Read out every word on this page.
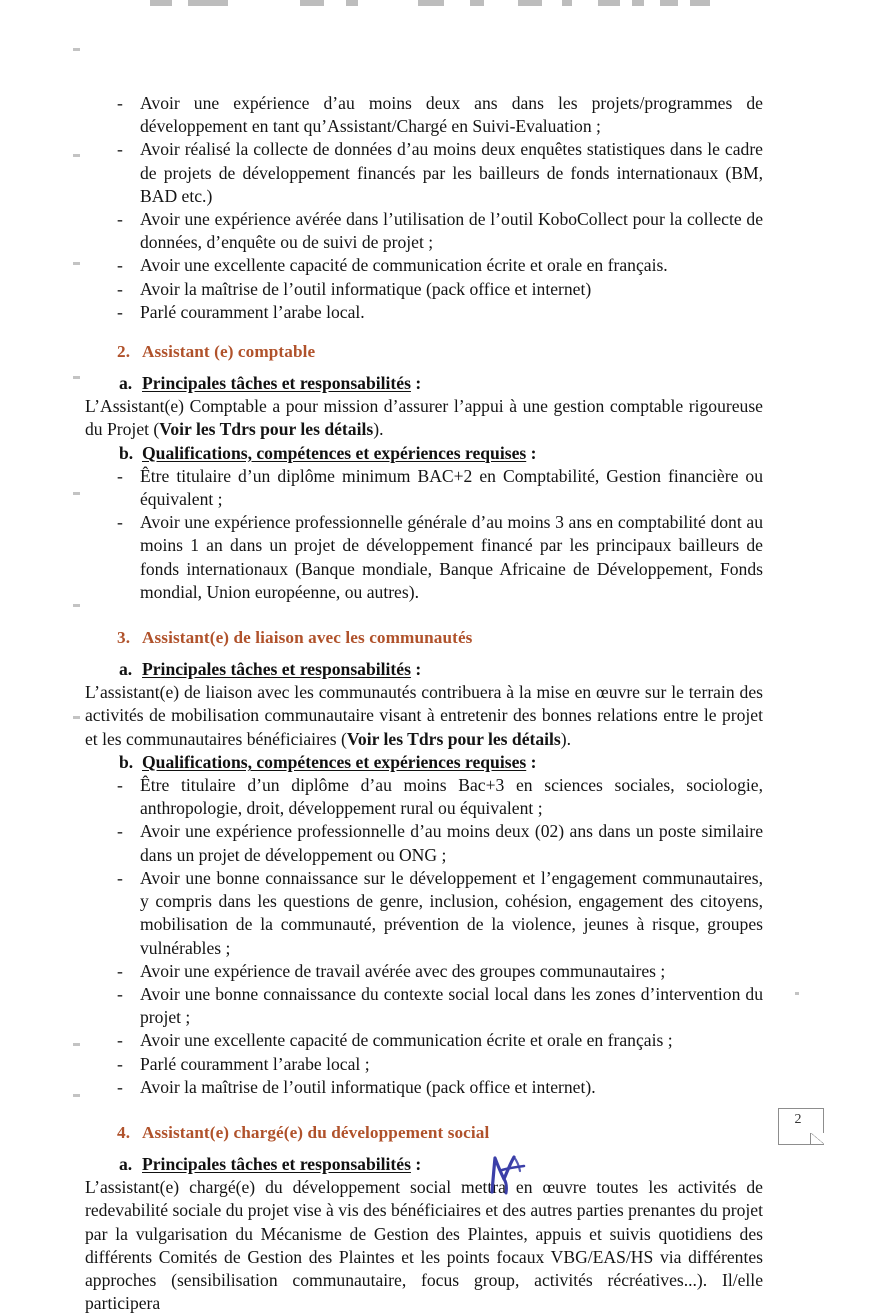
- Avoir une expérience d’au moins deux ans dans les projets/programmes de développement en tant qu’Assistant/Chargé en Suivi-Evaluation ;
- Avoir réalisé la collecte de données d’au moins deux enquêtes statistiques dans le cadre de projets de développement financés par les bailleurs de fonds internationaux (BM, BAD etc.)
- Avoir une expérience avérée dans l’utilisation de l’outil KoboCollect pour la collecte de données, d’enquête ou de suivi de projet ;
- Avoir une excellente capacité de communication écrite et orale en français.
- Avoir la maîtrise de l’outil informatique (pack office et internet)
- Parlé couramment l’arabe local.
2. Assistant (e) comptable
a. Principales tâches et responsabilités :

L’Assistant(e) Comptable a pour mission d’assurer l’appui à une gestion comptable rigoureuse du Projet (Voir les Tdrs pour les détails).

b. Qualifications, compétences et expériences requises :
- Être titulaire d’un diplôme minimum BAC+2 en Comptabilité, Gestion financière ou équivalent ;
- Avoir une expérience professionnelle générale d’au moins 3 ans en comptabilité dont au moins 1 an dans un projet de développement financé par les principaux bailleurs de fonds internationaux (Banque mondiale, Banque Africaine de Développement, Fonds mondial, Union européenne, ou autres).
3. Assistant(e) de liaison avec les communautés
a. Principales tâches et responsabilités :

L’assistant(e) de liaison avec les communautés contribuera à la mise en œuvre sur le terrain des activités de mobilisation communautaire visant à entretenir des bonnes relations entre le projet et les communautaires bénéficiaires (Voir les Tdrs pour les détails).

b. Qualifications, compétences et expériences requises :
- Être titulaire d’un diplôme d’au moins Bac+3 en sciences sociales, sociologie, anthropologie, droit, développement rural ou équivalent ;
- Avoir une expérience professionnelle d’au moins deux (02) ans dans un poste similaire dans un projet de développement ou ONG ;
- Avoir une bonne connaissance sur le développement et l’engagement communautaires, y compris dans les questions de genre, inclusion, cohésion, engagement des citoyens, mobilisation de la communauté, prévention de la violence, jeunes à risque, groupes vulnérables ;
- Avoir une expérience de travail avérée avec des groupes communautaires ;
- Avoir une bonne connaissance du contexte social local dans les zones d’intervention du projet ;
- Avoir une excellente capacité de communication écrite et orale en français ;
- Parlé couramment l’arabe local ;
- Avoir la maîtrise de l’outil informatique (pack office et internet).
4. Assistant(e) chargé(e) du développement social
a. Principales tâches et responsabilités :

L’assistant(e) chargé(e) du développement social mettra en œuvre toutes les activités de redevabilité sociale du projet vise à vis des bénéficiaires et des autres parties prenantes du projet par la vulgarisation du Mécanisme de Gestion des Plaintes, appuis et suivis quotidiens des différents Comités de Gestion des Plaintes et les points focaux VBG/EAS/HS via différentes approches (sensibilisation communautaire, focus group, activités récréatives...). Il/elle participera

2
